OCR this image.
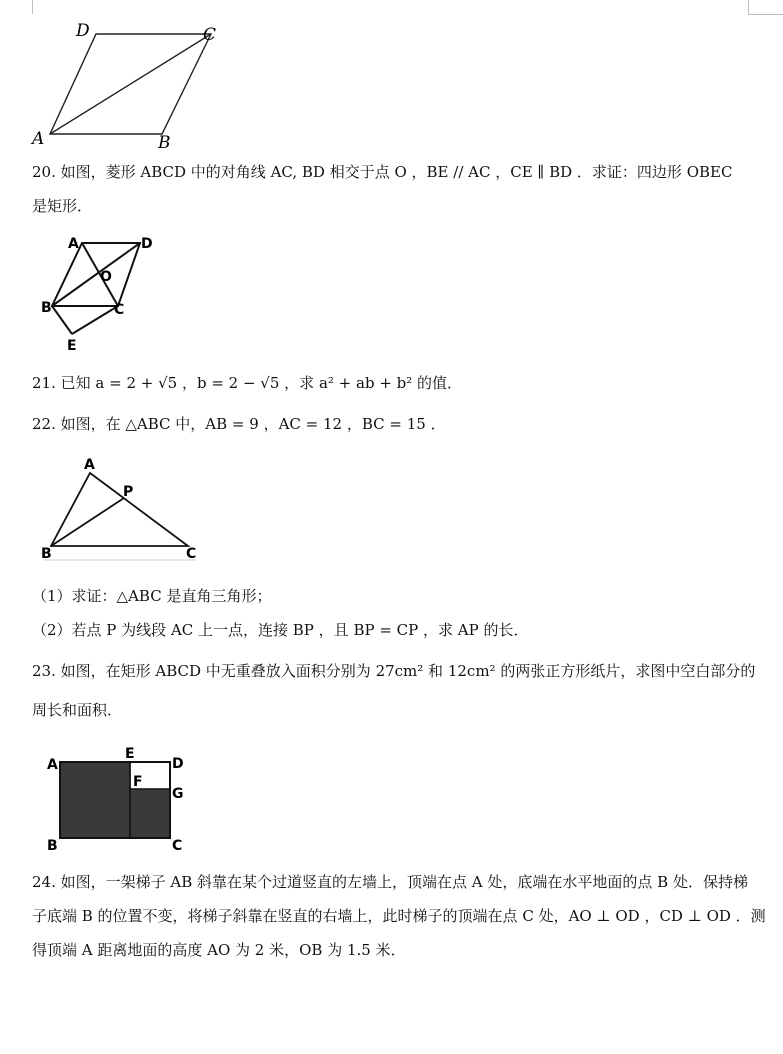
D	C
A	B
20. 如图，菱形 ABCD 中的对角线 AC, BD 相交于点 O ，BE // AC ，CE ∥ BD ．求证：四边形 OBEC
是矩形．
A	D
O
B	C
E
21. 已知 a = 2 + √5 ，b = 2 − √5 ，求 a² + ab + b² 的值．
22. 如图，在 △ABC 中，AB = 9 ，AC = 12 ，BC = 15 ．
A
P
B	C
（1）求证：△ABC 是直角三角形；
（2）若点 P 为线段 AC 上一点，连接 BP ，且 BP = CP ，求 AP 的长．
23. 如图，在矩形 ABCD 中无重叠放入面积分别为 27cm² 和 12cm² 的两张正方形纸片，求图中空白部分的
周长和面积．
A
E
D
F
G
B	C
24. 如图，一架梯子 AB 斜靠在某个过道竖直的左墙上，顶端在点 A 处，底端在水平地面的点 B 处．保持梯
子底端 B 的位置不变，将梯子斜靠在竖直的右墙上，此时梯子的顶端在点 C 处，AO ⊥ OD ，CD ⊥ OD ．测
得顶端 A 距离地面的高度 AO 为 2 米，OB 为 1.5 米．
